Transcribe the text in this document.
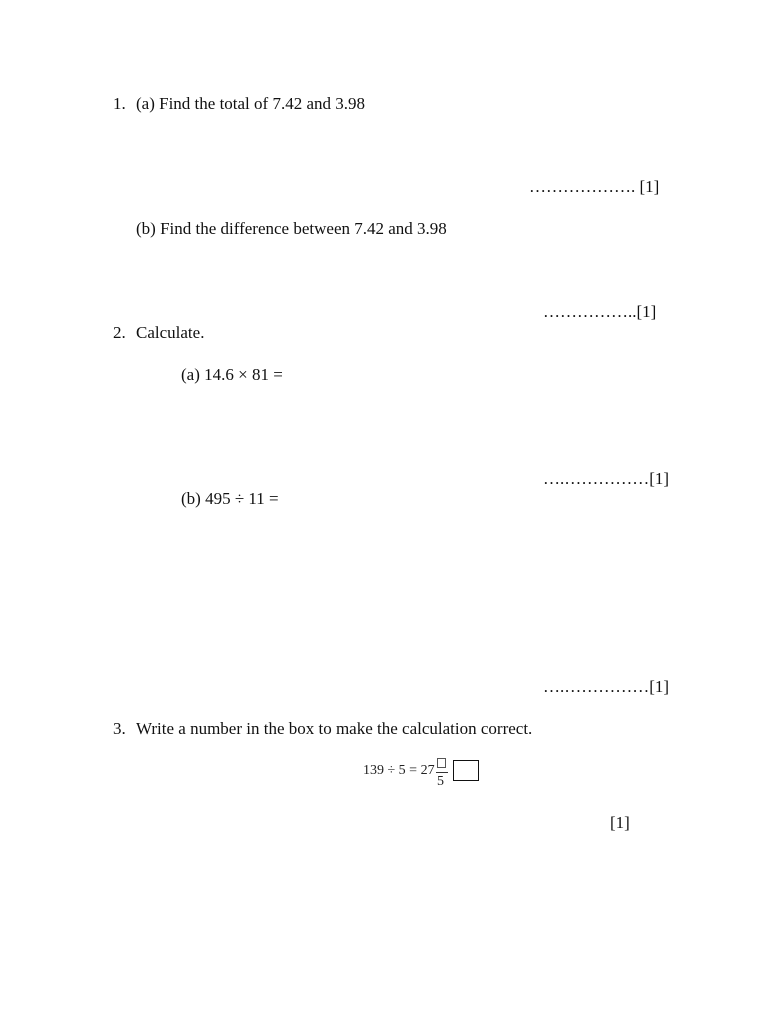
1. (a) Find the total of 7.42 and 3.98
………………. [1]
(b) Find the difference between 7.42 and 3.98
……………..[1]
2. Calculate.
(a) 14.6 × 81 =
….……………[1]
(b) 495 ÷ 11 =
….……………[1]
3. Write a number in the box to make the calculation correct.
139 ÷ 5 = 27
5
[1]
